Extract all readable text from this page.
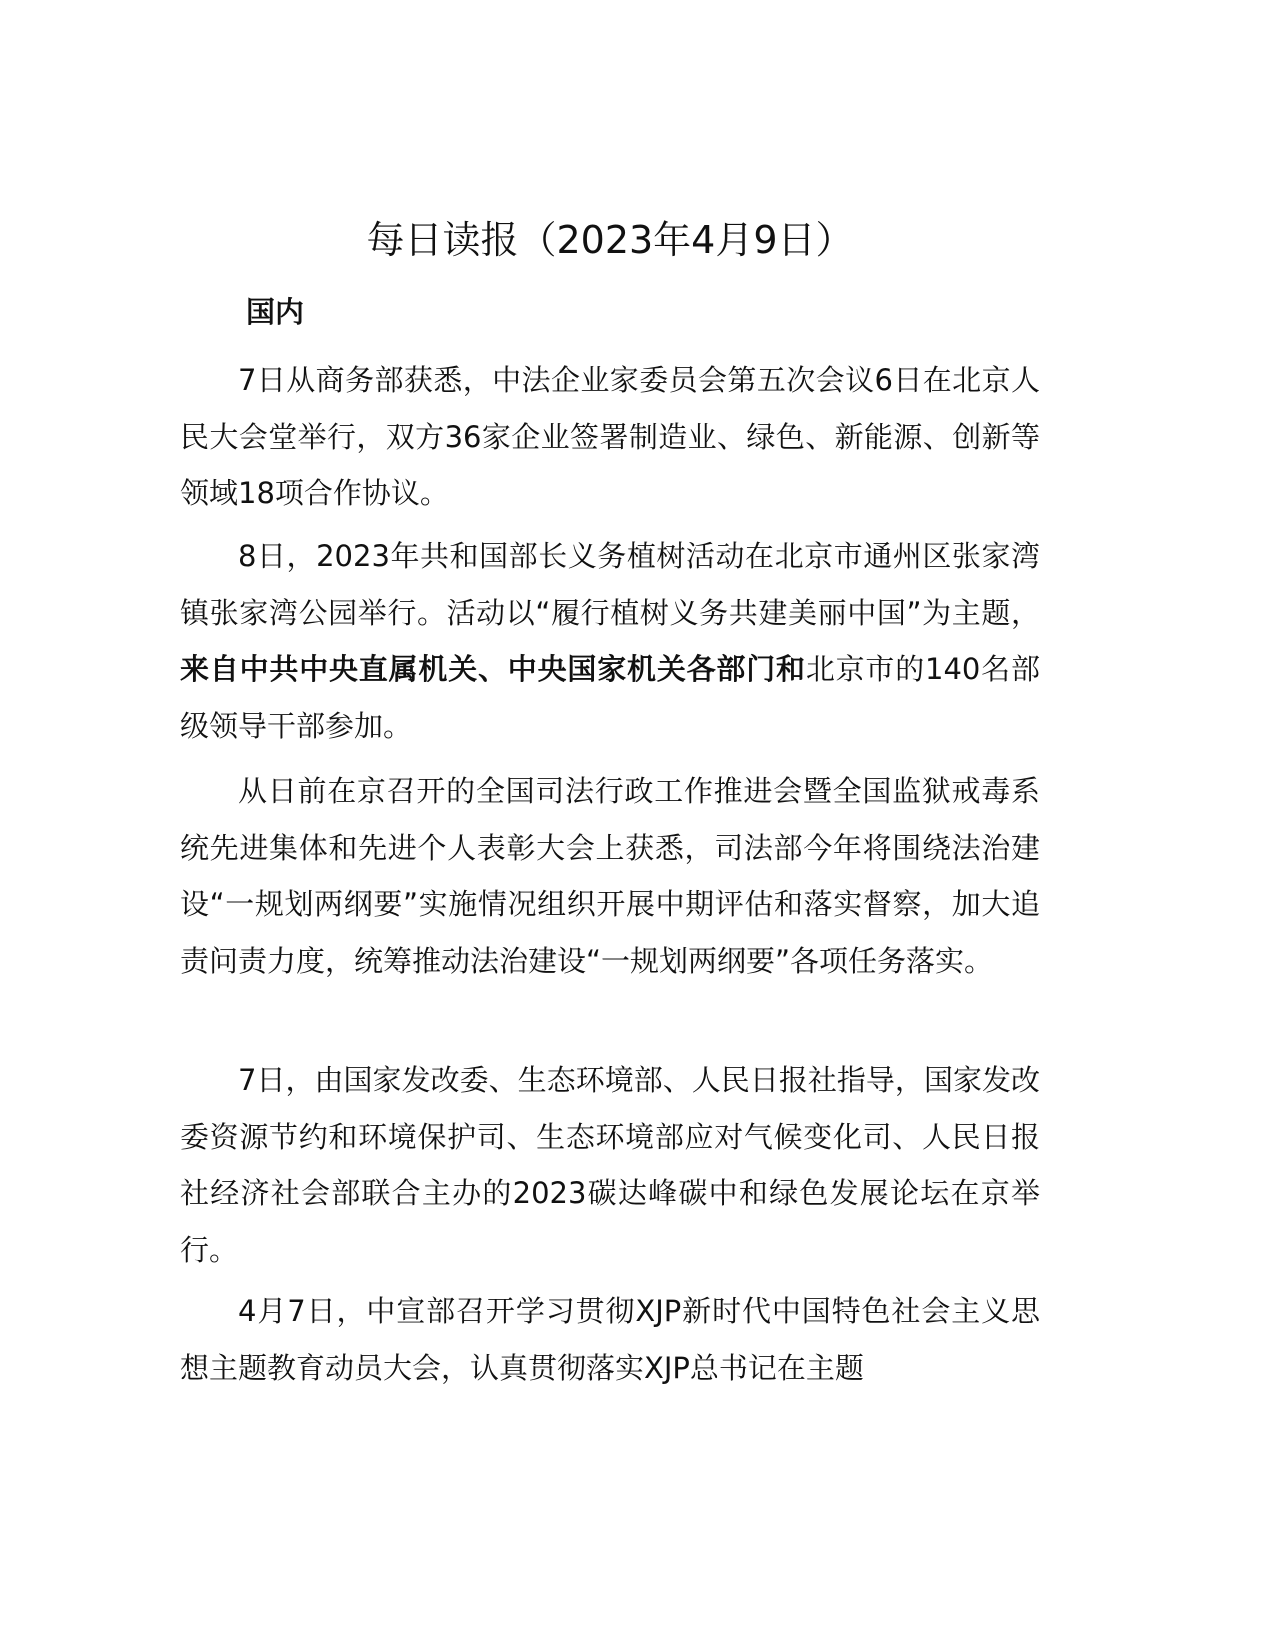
每日读报（2023年4月9日）
国内

7日从商务部获悉，中法企业家委员会第五次会议6日在北京人民大会堂举行，双方36家企业签署制造业、绿色、新能源、创新等领域18项合作协议。

8日，2023年共和国部长义务植树活动在北京市通州区张家湾镇张家湾公园举行。活动以“履行植树义务共建美丽中国”为主题，来自中共中央直属机关、中央国家机关各部门和北京市的140名部级领导干部参加。

从日前在京召开的全国司法行政工作推进会暨全国监狱戒毒系统先进集体和先进个人表彰大会上获悉，司法部今年将围绕法治建设“一规划两纲要”实施情况组织开展中期评估和落实督察，加大追责问责力度，统筹推动法治建设“一规划两纲要”各项任务落实。

7日，由国家发改委、生态环境部、人民日报社指导，国家发改委资源节约和环境保护司、生态环境部应对气候变化司、人民日报社经济社会部联合主办的2023碳达峰碳中和绿色发展论坛在京举行。

4月7日，中宣部召开学习贯彻XJP新时代中国特色社会主义思想主题教育动员大会，认真贯彻落实XJP总书记在主题
